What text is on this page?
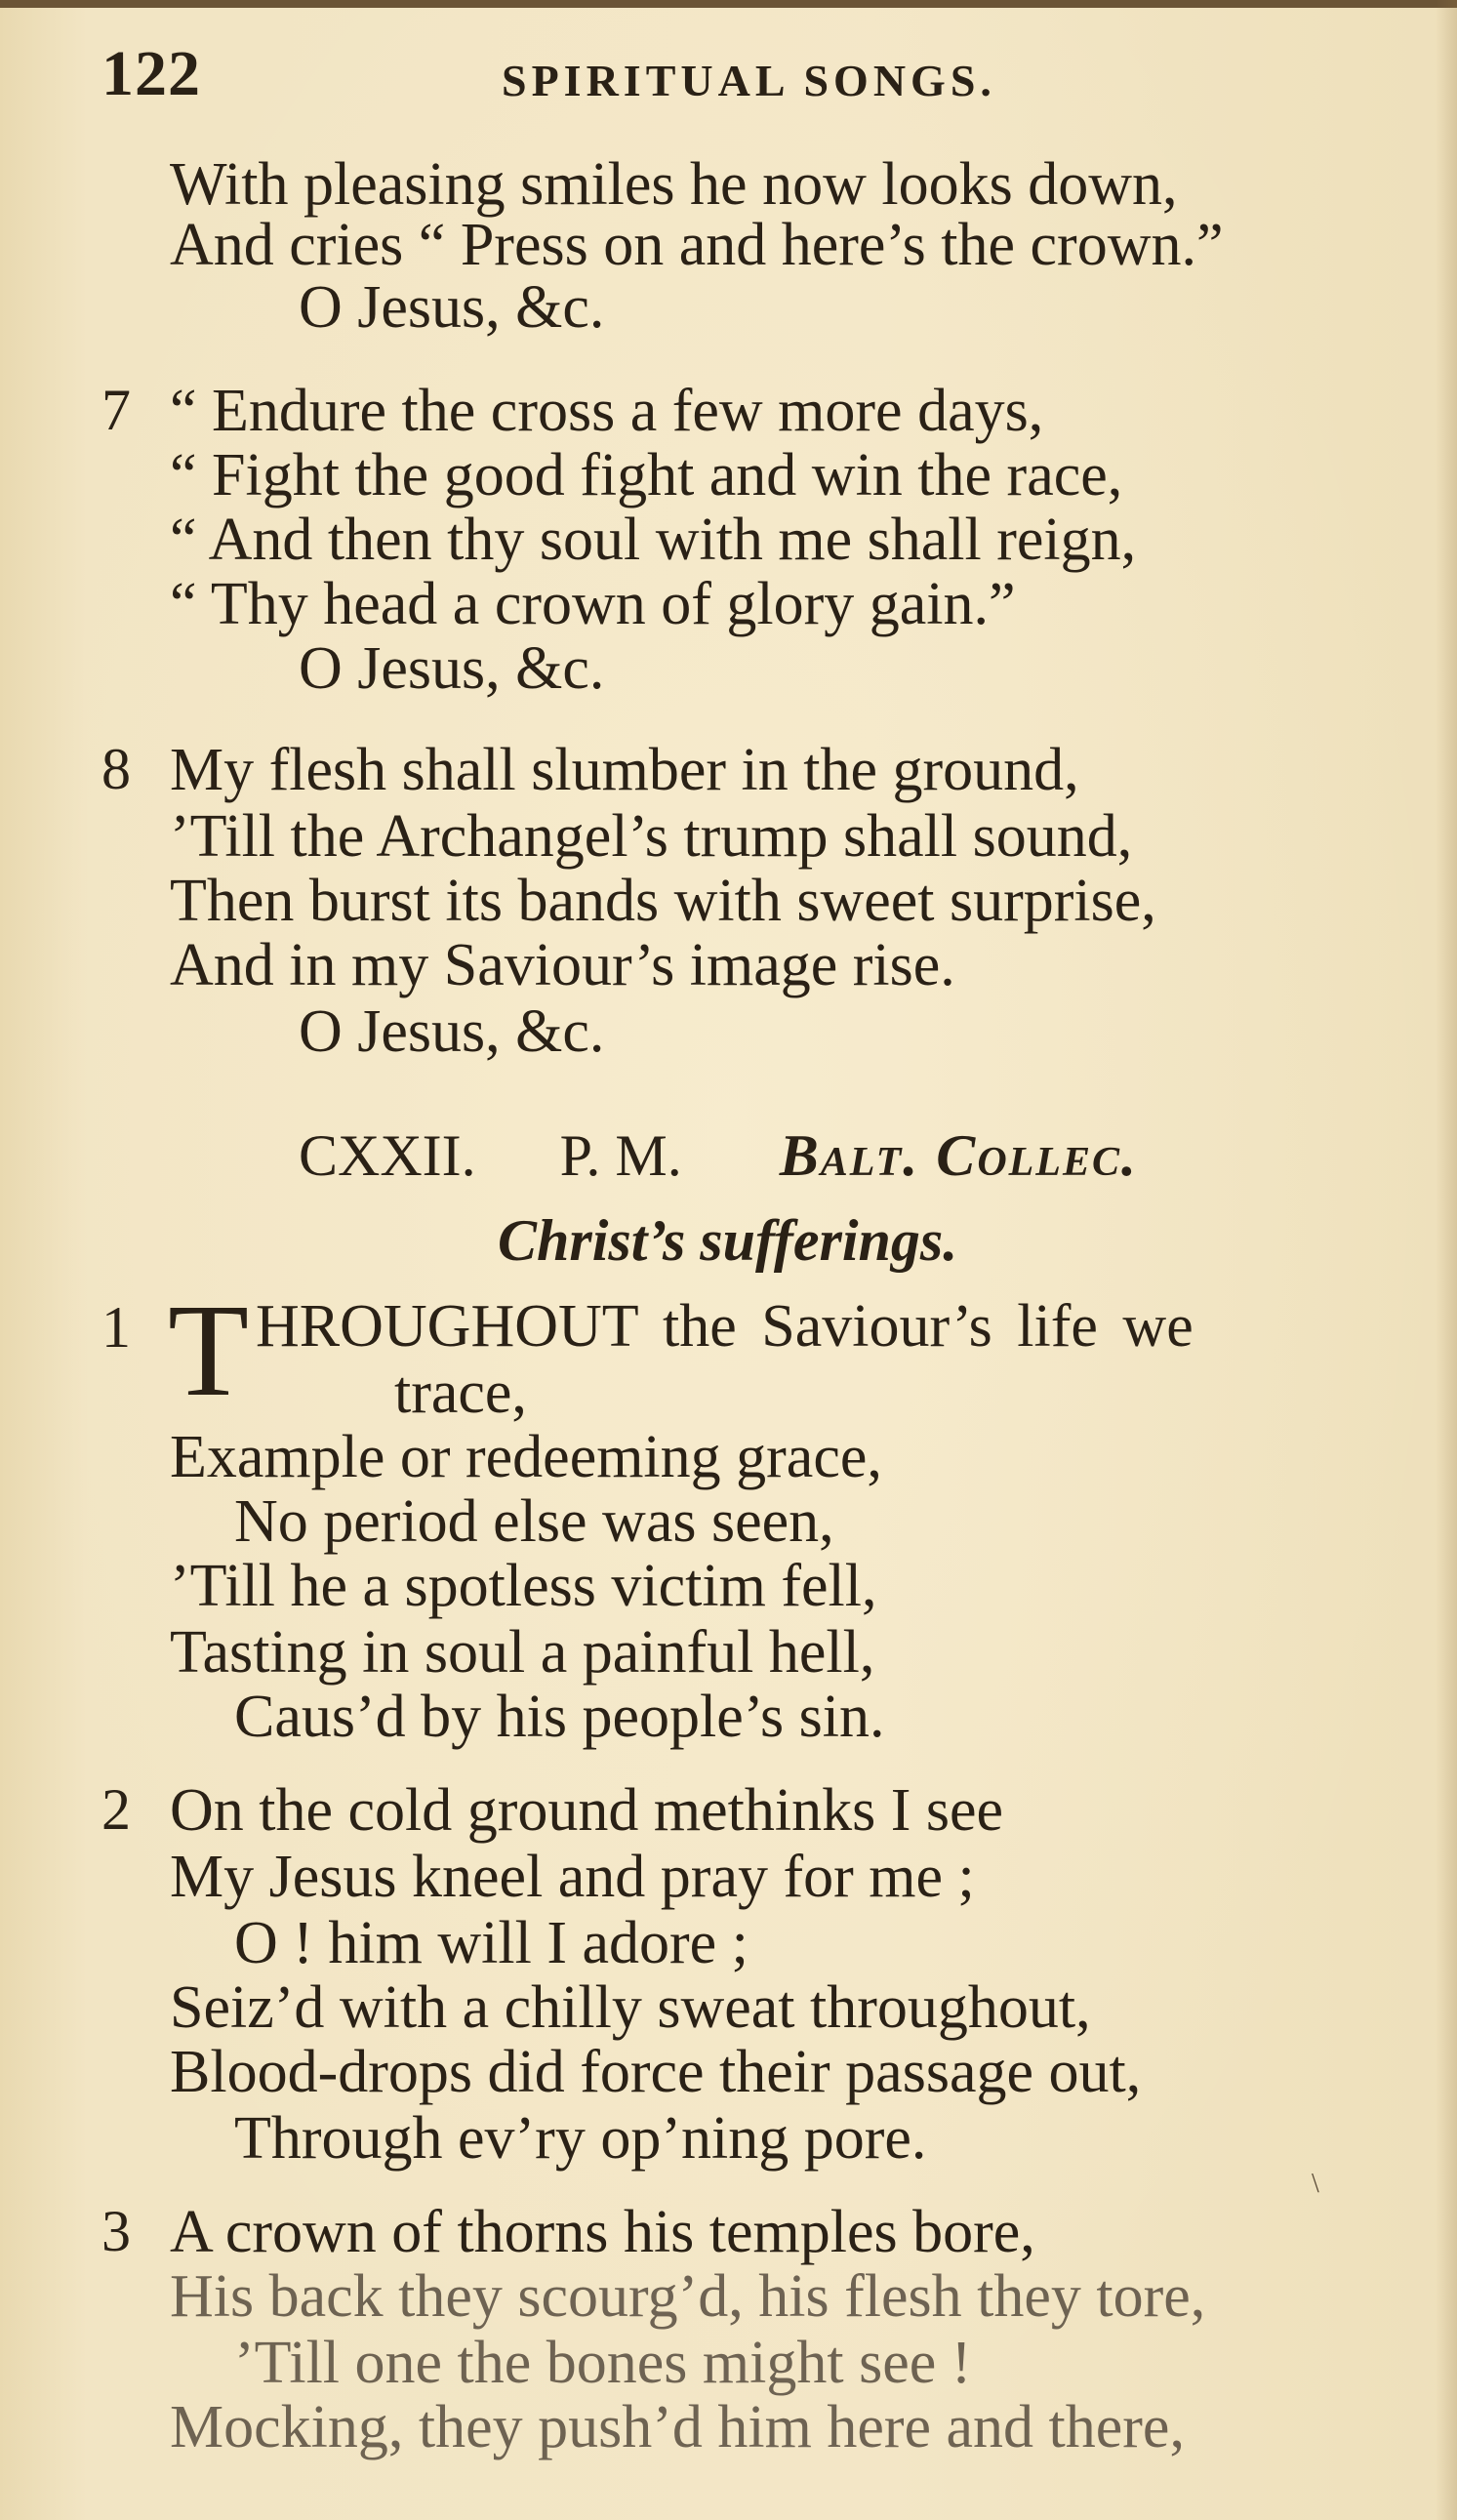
122	SPIRITUAL SONGS.
With pleasing smiles he now looks down,
And cries “ Press on and here’s the crown.”
O Jesus, &c.
7 “ Endure the cross a few more days,
“ Fight the good fight and win the race,
“ And then thy soul with me shall reign,
“ Thy head a crown of glory gain.”
O Jesus, &c.
8 My flesh shall slumber in the ground,
’Till the Archangel’s trump shall sound,
Then burst its bands with sweet surprise,
And in my Saviour’s image rise.
O Jesus, &c.
CXXII. P. M. Balt. Collec.
Christ’s sufferings.
1 T HROUGHOUT the Saviour’s life we
trace,
Example or redeeming grace,
No period else was seen,
’Till he a spotless victim fell,
Tasting in soul a painful hell,
Caus’d by his people’s sin.
2 On the cold ground methinks I see
My Jesus kneel and pray for me ;
O ! him will I adore ;
Seiz’d with a chilly sweat throughout,
Blood-drops did force their passage out,
Through ev’ry op’ning pore.
\
3 A crown of thorns his temples bore,
His back they scourg’d, his flesh they tore,
’Till one the bones might see !
Mocking, they push’d him here and there,
